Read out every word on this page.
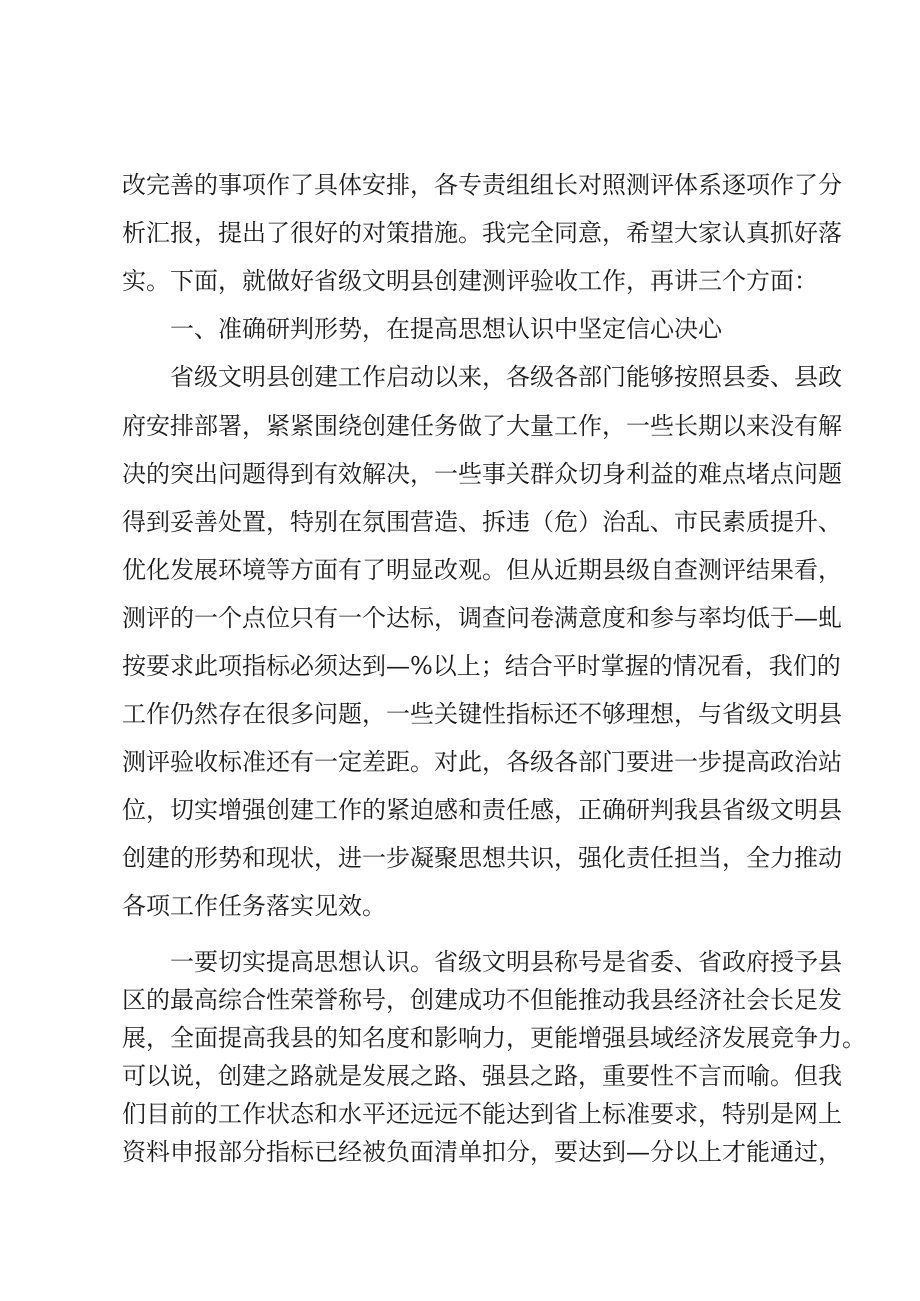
改完善的事项作了具体安排，各专责组组长对照测评体系逐项作了分

析汇报，提出了很好的对策措施。我完全同意，希望大家认真抓好落

实。下面，就做好省级文明县创建测评验收工作，再讲三个方面：

一、准确研判形势，在提高思想认识中坚定信心决心

省级文明县创建工作启动以来，各级各部门能够按照县委、县政

府安排部署，紧紧围绕创建任务做了大量工作，一些长期以来没有解

决的突出问题得到有效解决，一些事关群众切身利益的难点堵点问题

得到妥善处置，特别在氛围营造、拆违（危）治乱、市民素质提升、

优化发展环境等方面有了明显改观。但从近期县级自查测评结果看，

测评的一个点位只有一个达标，调查问卷满意度和参与率均低于—虬

按要求此项指标必须达到—%以上；结合平时掌握的情况看，我们的

工作仍然存在很多问题，一些关键性指标还不够理想，与省级文明县

测评验收标准还有一定差距。对此，各级各部门要进一步提高政治站

位，切实增强创建工作的紧迫感和责任感，正确研判我县省级文明县

创建的形势和现状，进一步凝聚思想共识，强化责任担当，全力推动

各项工作任务落实见效。

一要切实提高思想认识。省级文明县称号是省委、省政府授予县

区的最高综合性荣誉称号，创建成功不但能推动我县经济社会长足发

展，全面提高我县的知名度和影响力，更能增强县域经济发展竞争力。

可以说，创建之路就是发展之路、强县之路，重要性不言而喻。但我

们目前的工作状态和水平还远远不能达到省上标准要求，特别是网上

资料申报部分指标已经被负面清单扣分，要达到—分以上才能通过，
